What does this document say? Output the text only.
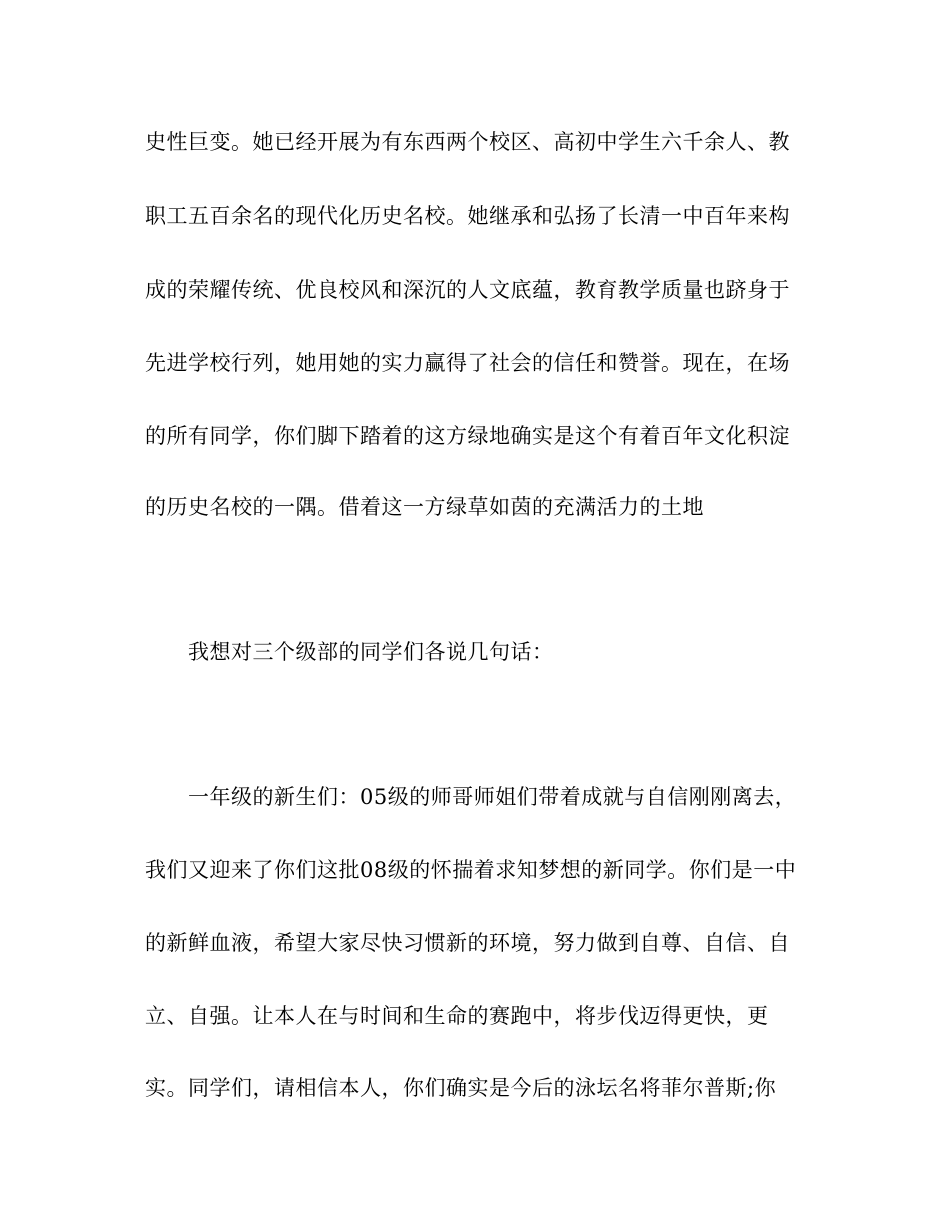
史性巨变。她已经开展为有东西两个校区、高初中学生六千余人、教
职工五百余名的现代化历史名校。她继承和弘扬了长清一中百年来构
成的荣耀传统、优良校风和深沉的人文底蕴，教育教学质量也跻身于
先进学校行列，她用她的实力赢得了社会的信任和赞誉。现在，在场
的所有同学，你们脚下踏着的这方绿地确实是这个有着百年文化积淀
的历史名校的一隅。借着这一方绿草如茵的充满活力的土地
我想对三个级部的同学们各说几句话：
一年级的新生们：05级的师哥师姐们带着成就与自信刚刚离去，
我们又迎来了你们这批08级的怀揣着求知梦想的新同学。你们是一中
的新鲜血液，希望大家尽快习惯新的环境，努力做到自尊、自信、自
立、自强。让本人在与时间和生命的赛跑中，将步伐迈得更快，更
实。同学们，请相信本人，你们确实是今后的泳坛名将菲尔普斯;你
